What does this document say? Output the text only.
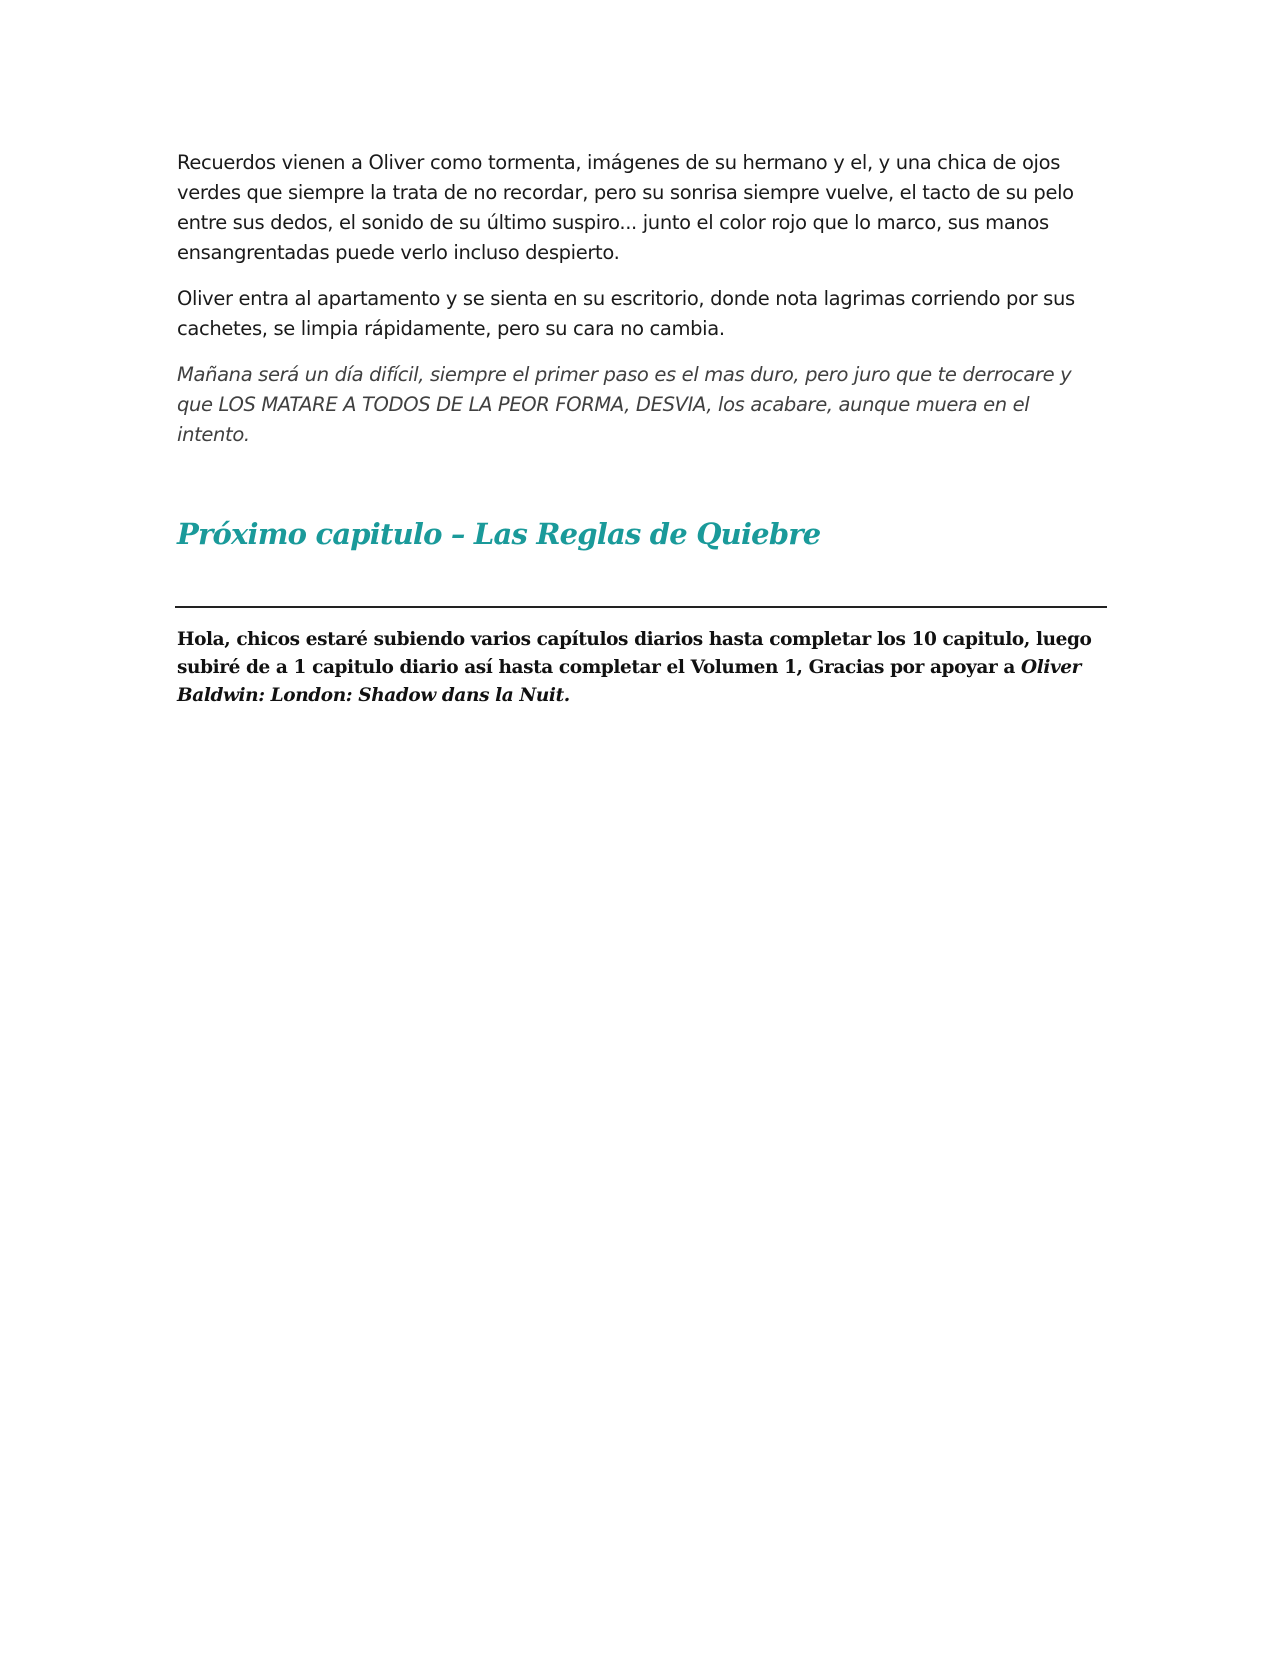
Recuerdos vienen a Oliver como tormenta, imágenes de su hermano y el, y una chica de ojos verdes que siempre la trata de no recordar, pero su sonrisa siempre vuelve, el tacto de su pelo entre sus dedos, el sonido de su último suspiro... junto el color rojo que lo marco, sus manos ensangrentadas puede verlo incluso despierto.

Oliver entra al apartamento y se sienta en su escritorio, donde nota lagrimas corriendo por sus cachetes, se limpia rápidamente, pero su cara no cambia.

Mañana será un día difícil, siempre el primer paso es el mas duro, pero juro que te derrocare y que LOS MATARE A TODOS DE LA PEOR FORMA, DESVIA, los acabare, aunque muera en el intento.

Próximo capitulo – Las Reglas de Quiebre

Hola, chicos estaré subiendo varios capítulos diarios hasta completar los 10 capitulo, luego subiré de a 1 capitulo diario así hasta completar el Volumen 1, Gracias por apoyar a Oliver Baldwin: London: Shadow dans la Nuit.
